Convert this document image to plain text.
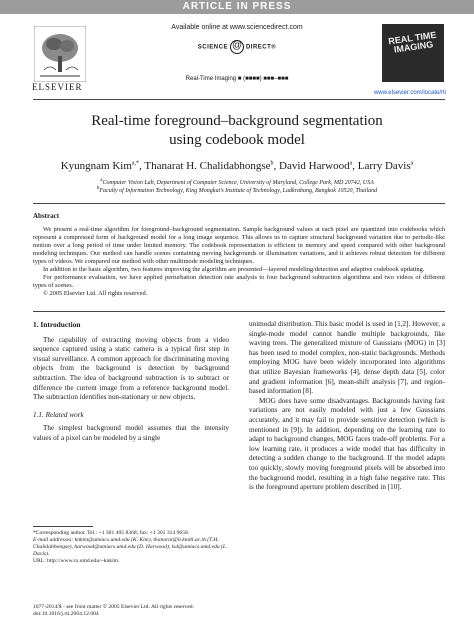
ARTICLE IN PRESS
ELSEVIER
Available online at www.sciencedirect.com
SCIENCE@	DIRECT®
Real-Time Imaging ■ (■■■■) ■■■–■■■
REAL TIME IMAGING
www.elsevier.com/locate/rti
Real-time foreground–background segmentation
using codebook model
Kyungnam Kim$^{a,*}$, Thanarat H. Chalidabhongse$^b$, David Harwood$^a$, Larry Davis$^a$
$^a$Computer Vision Lab, Department of Computer Science, University of Maryland, College Park, MD 20742, USA
$^b$Faculty of Information Technology, King Mongkut’s Institute of Technology, Ladkrabang, Bangkok 10520, Thailand
Abstract

We present a real-time algorithm for foreground–background segmentation. Sample background values at each pixel are quantized into codebooks which represent a compressed form of background model for a long image sequence. This allows us to capture structural background variation due to periodic-like motion over a long period of time under limited memory. The codebook representation is efficient in memory and speed compared with other background modeling techniques. Our method can handle scenes containing moving backgrounds or illumination variations, and it achieves robust detection for different types of videos. We compared our method with other multimode modeling techniques.

In addition to the basic algorithm, two features improving the algorithm are presented—layered modeling/detection and adaptive codebook updating.

For performance evaluation, we have applied perturbation detection rate analysis to four background subtraction algorithms and two videos of different types of scenes.

© 2005 Elsevier Ltd. All rights reserved.

1. Introduction

The capability of extracting moving objects from a video sequence captured using a static camera is a typical first step in visual surveillance. A common approach for discriminating moving objects from the background is detection by background subtraction. The idea of background subtraction is to subtract or difference the current image from a reference background model. The subtraction identifies non-stationary or new objects.

1.1. Related work

The simplest background model assumes that the intensity values of a pixel can be modeled by a single

*Corresponding author. Tel.: +1 301 405 8368; fax: +1 301 314 9658.

E-mail addresses: knkim@umiacs.umd.edu (K. Kim), thanarat@it.kmitl.ac.th (T.H. Chalidabhongse), harwood@umiacs.umd.edu (D. Harwood), lsd@umiacs.umd.edu (L. Davis).

URL: http://www.cs.umd.edu/~knkim.

1077-2014/$ - see front matter © 2005 Elsevier Ltd. All rights reserved.
doi:10.1016/j.rti.2004.12.004

unimodal distribution. This basic model is used in [1,2]. However, a single-mode model cannot handle multiple backgrounds, like waving trees. The generalized mixture of Gaussians (MOG) in [3] has been used to model complex, non-static backgrounds. Methods employing MOG have been widely incorporated into algorithms that utilize Bayesian frameworks [4], dense depth data [5], color and gradient information [6], mean-shift analysis [7], and region-based information [8].

MOG does have some disadvantages. Backgrounds having fast variations are not easily modeled with just a few Gaussians accurately, and it may fail to provide sensitive detection (which is mentioned in [9]). In addition, depending on the learning rate to adapt to background changes, MOG faces trade-off problems. For a low learning rate, it produces a wide model that has difficulty in detecting a sudden change to the background. If the model adapts too quickly, slowly moving foreground pixels will be absorbed into the background model, resulting in a high false negative rate. This is the foreground aperture problem described in [10].
